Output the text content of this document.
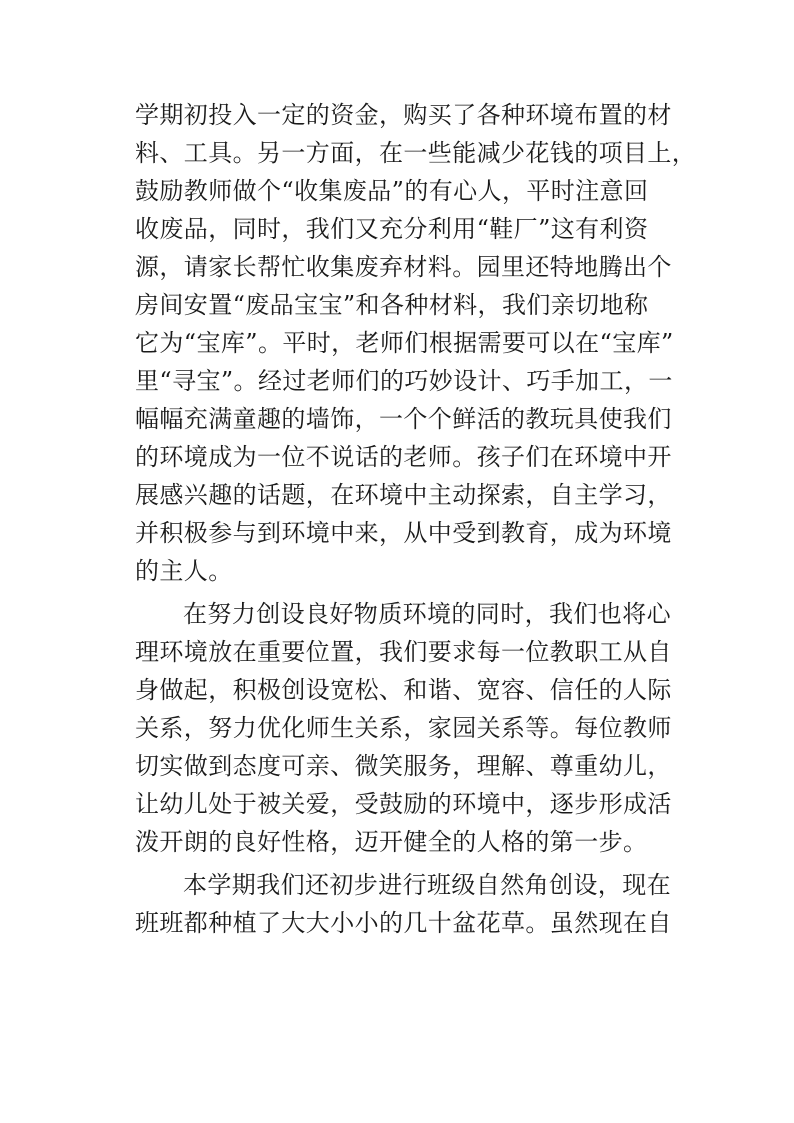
学期初投入一定的资金，购买了各种环境布置的材
料、工具。另一方面，在一些能减少花钱的项目上，
鼓励教师做个“收集废品”的有心人，平时注意回
收废品，同时，我们又充分利用“鞋厂”这有利资
源，请家长帮忙收集废弃材料。园里还特地腾出个
房间安置“废品宝宝”和各种材料，我们亲切地称
它为“宝库”。平时，老师们根据需要可以在“宝库”
里“寻宝”。经过老师们的巧妙设计、巧手加工，一
幅幅充满童趣的墙饰，一个个鲜活的教玩具使我们
的环境成为一位不说话的老师。孩子们在环境中开
展感兴趣的话题，在环境中主动探索，自主学习，
并积极参与到环境中来，从中受到教育，成为环境
的主人。
在努力创设良好物质环境的同时，我们也将心
理环境放在重要位置，我们要求每一位教职工从自
身做起，积极创设宽松、和谐、宽容、信任的人际
关系，努力优化师生关系，家园关系等。每位教师
切实做到态度可亲、微笑服务，理解、尊重幼儿，
让幼儿处于被关爱，受鼓励的环境中，逐步形成活
泼开朗的良好性格，迈开健全的人格的第一步。
本学期我们还初步进行班级自然角创设，现在
班班都种植了大大小小的几十盆花草。虽然现在自
